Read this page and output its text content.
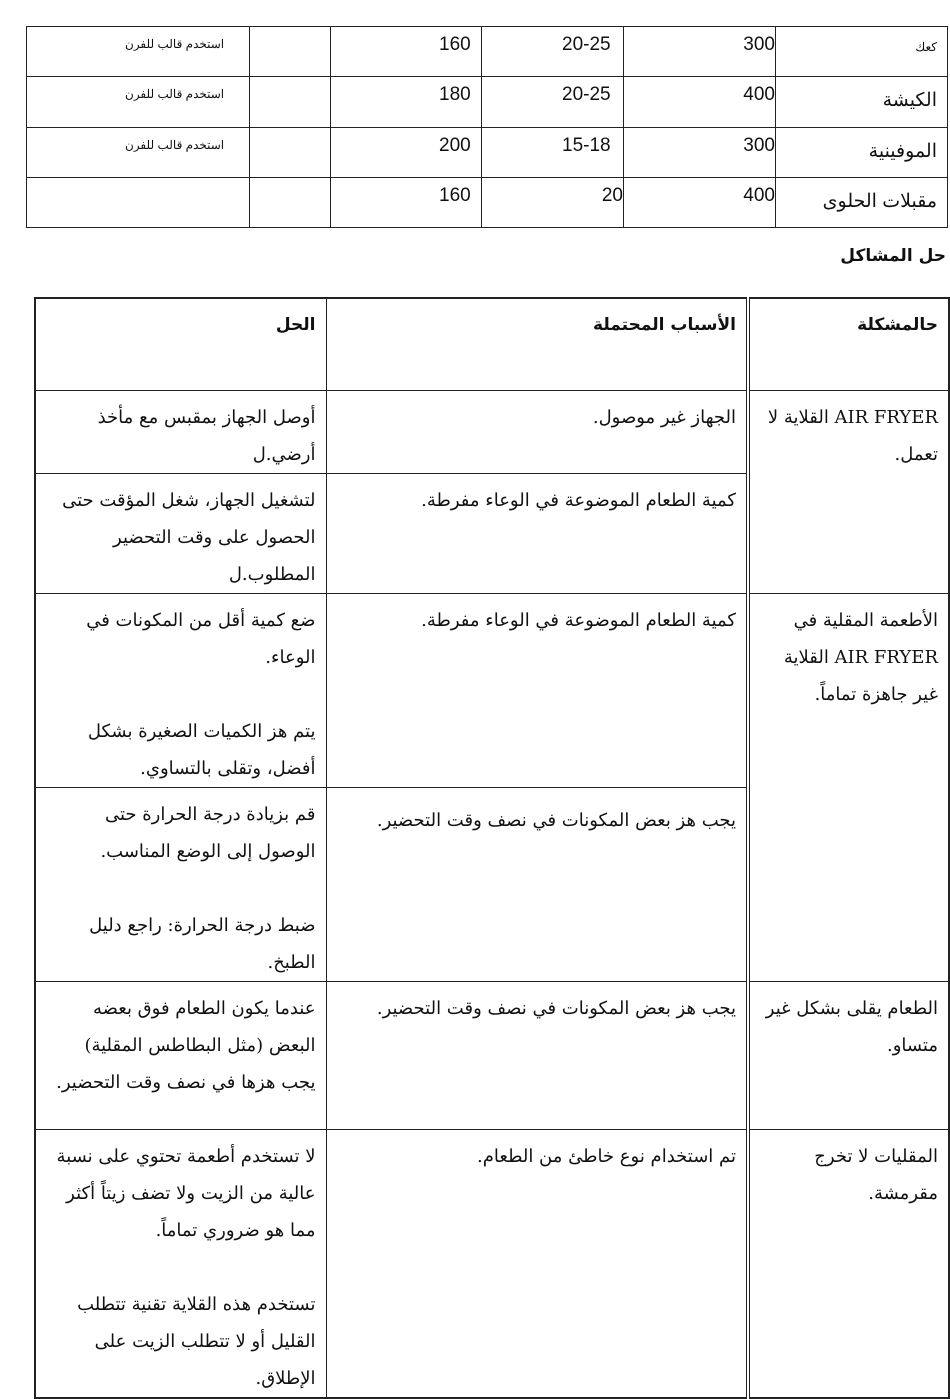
كعك	300	20-25	160		استخدم قالب للفرن
الكيشة	400	20-25	180		استخدم قالب للفرن
الموفينية	300	15-18	200		استخدم قالب للفرن
مقبلات الحلوى	400	20	160		
حل المشاكل
حالمشكلة	الأسباب المحتملة	الحل
AIR FRYER القلاية لا تعمل.	الجهاز غير موصول.	أوصل الجهاز بمقبس مع مأخذ أرضي.ل
	كمية الطعام الموضوعة في الوعاء مفرطة.	لتشغيل الجهاز، شغل المؤقت حتى الحصول على وقت التحضير المطلوب.ل
الأطعمة المقلية في AIR FRYER القلاية غير جاهزة تماماً.	كمية الطعام الموضوعة في الوعاء مفرطة.	ضع كمية أقل من المكونات في الوعاء.
يتم هز الكميات الصغيرة بشكل أفضل، وتقلى بالتساوي.
	يجب هز بعض المكونات في نصف وقت التحضير.	قم بزيادة درجة الحرارة حتى الوصول إلى الوضع المناسب.
ضبط درجة الحرارة: راجع دليل الطبخ.
الطعام يقلى بشكل غير متساو.	يجب هز بعض المكونات في نصف وقت التحضير.	عندما يكون الطعام فوق بعضه البعض (مثل البطاطس المقلية) يجب هزها في نصف وقت التحضير.
المقليات لا تخرج مقرمشة.	تم استخدام نوع خاطئ من الطعام.	لا تستخدم أطعمة تحتوي على نسبة عالية من الزيت ولا تضف زيتاً أكثر مما هو ضروري تماماً.
تستخدم هذه القلاية تقنية تتطلب القليل أو لا تتطلب الزيت على الإطلاق.
